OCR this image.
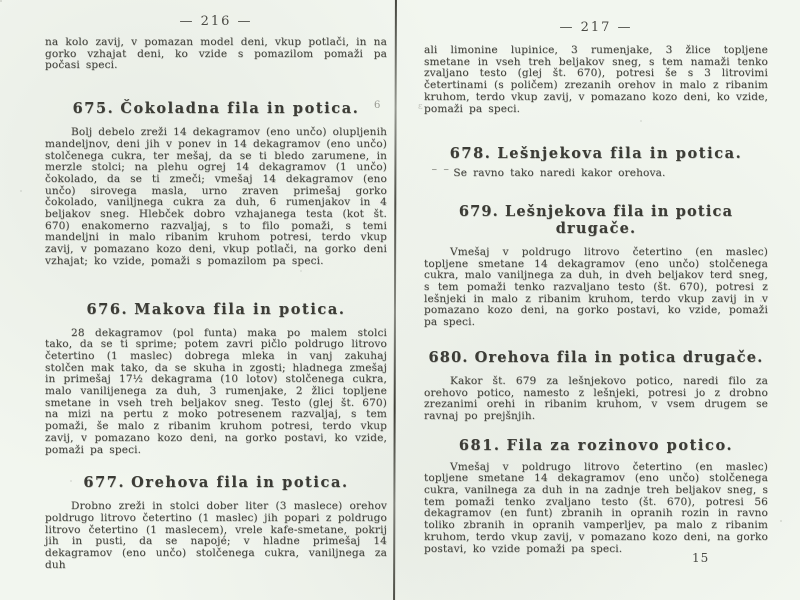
6	ε
— 216 —

na kolo zavij, v pomazan model deni, vkup potlači, in na gorko vzhajat deni, ko vzide s pomazilom pomaži pa počasi speci.

675. Čokoladna fila in potica.

Bolj debelo zreži 14 dekagramov (eno unčo) olupljenih mandeljnov, deni jih v ponev in 14 dekagramov (eno unčo) stolčenega cukra, ter mešaj, da se ti bledo zarumene, in merzle stolci; na plehu ogrej 14 dekagramov (1 unčo) čokolado, da se ti zmeči; vmešaj 14 dekagramov (eno unčo) sirovega masla, urno zraven primešaj gorko čokolado, vaniljnega cukra za duh, 6 rumenjakov in 4 beljakov sneg. Hlebček dobro vzhajanega testa (kot št. 670) enakomerno razvaljaj, s to filo pomaži, s temi mandeljni in malo ribanim kruhom potresi, terdo vkup zavij, v pomazano kozo deni, vkup potlači, na gorko deni vzhajat; ko vzide, pomaži s pomazilom pa speci.

676. Makova fila in potica.

28 dekagramov (pol funta) maka po malem stolci tako, da se ti sprime; potem zavri pičlo poldrugo litrovo četertino (1 maslec) dobrega mleka in vanj zakuhaj stolčen mak tako, da se skuha in zgosti; hladnega zmešaj in primešaj 17½ dekagrama (10 lotov) stolčenega cukra, malo vanilijenega za duh, 3 rumenjake, 2 žlici topljene smetane in vseh treh beljakov sneg. Testo (glej št. 670) na mizi na pertu z moko potresenem razvaljaj, s tem pomaži, še malo z ribanim kruhom potresi, terdo vkup zavij, v pomazano kozo deni, na gorko postavi, ko vzide, pomaži pa speci.

677. Orehova fila in potica.

Drobno zreži in stolci dober liter (3 maslece) orehov poldrugo litrovo četertino (1 maslec) jih popari z poldrugo litrovo četertino (1 maslecem), vrele kafe-smetane, pokrij jih in pusti, da se napojé; v hladne primešaj 14 dekagramov (eno unčo) stolčenega cukra, vaniljnega za duh

— 217 —

ali limonine lupinice, 3 rumenjake, 3 žlice topljene smetane in vseh treh beljakov sneg, s tem namaži tenko zvaljano testo (glej št. 670), potresi še s 3 litrovimi četertinami (s poličem) zrezanih orehov in malo z ribanim kruhom, terdo vkup zavij, v pomazano kozo deni, ko vzide, pomaži pa speci.

678. Lešnjekova fila in potica.

‾ ‾ Se ravno tako naredi kakor orehova.

679. Lešnjekova fila in potica drugače.

Vmešaj v poldrugo litrovo četertino (en maslec) topljene smetane 14 dekagramov (eno unčo) stolčenega cukra, malo vaniljnega za duh, in dveh beljakov terd sneg, s tem pomaži tenko razvaljano testo (št. 670), potresi z lešnjeki in malo z ribanim kruhom, terdo vkup zavij in v pomazano kozo deni, na gorko postavi, ko vzide, pomaži pa speci.

680. Orehova fila in potica drugače.

Kakor št. 679 za lešnjekovo potico, naredi filo za orehovo potico, namesto z lešnjeki, potresi jo z drobno zrezanimi orehi in ribanim kruhom, v vsem drugem se ravnaj po prejšnjih.

681. Fila za rozinovo potico.

Vmešaj v poldrugo litrovo četertino (en maslec) topljene smetane 14 dekagramov (eno unčo) stolčenega cukra, vanilnega za duh in na zadnje treh beljakov sneg, s tem pomaži tenko zvaljano testo (št. 670), potresi 56 dekagramov (en funt) zbranih in opranih rozin in ravno toliko zbranih in opranih vamperljev, pa malo z ribanim kruhom, terdo vkup zavij, v pomazano kozo deni, na gorko postavi, ko vzide pomaži pa speci.

15
